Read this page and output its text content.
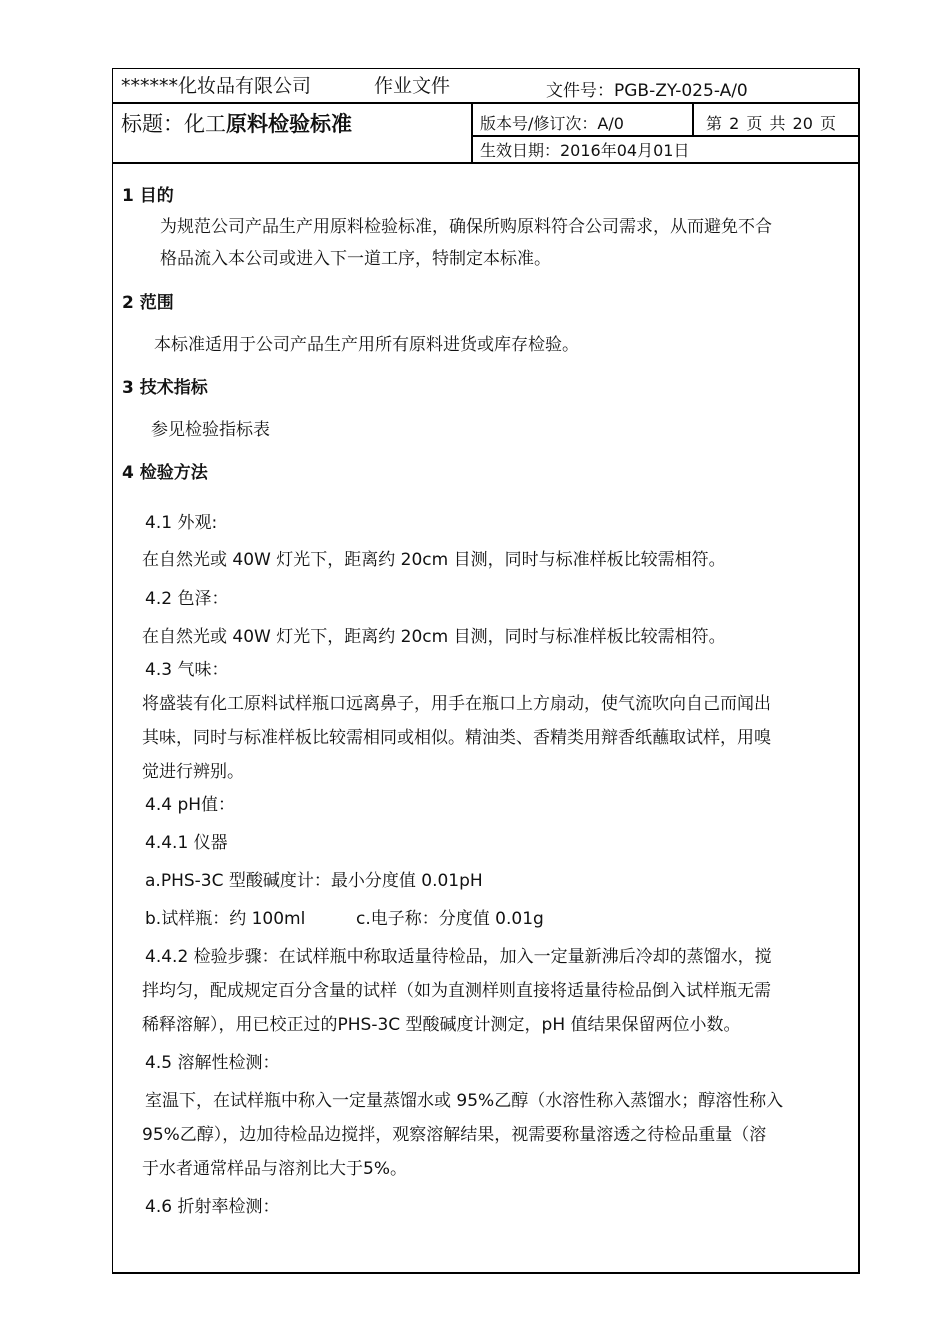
******化妆品有限公司	作业文件	文件号：PGB-ZY-025-A/0
标题：化工原料检验标准	版本号/修订次：A/0	第 2 页 共 20 页
生效日期：2016年04月01日
1 目的
为规范公司产品生产用原料检验标准，确保所购原料符合公司需求，从而避免不合
格品流入本公司或进入下一道工序，特制定本标准。
2 范围
本标准适用于公司产品生产用所有原料进货或库存检验。
3 技术指标
参见检验指标表
4 检验方法
4.1 外观:
在自然光或 40W 灯光下，距离约 20cm 目测，同时与标准样板比较需相符。
4.2 色泽：
在自然光或 40W 灯光下，距离约 20cm 目测，同时与标准样板比较需相符。
4.3 气味：
将盛装有化工原料试样瓶口远离鼻子，用手在瓶口上方扇动，使气流吹向自己而闻出
其味，同时与标准样板比较需相同或相似。精油类、香精类用辩香纸蘸取试样，用嗅
觉进行辨别。
4.4 pH值：
4.4.1 仪器
a.PHS-3C 型酸碱度计：最小分度值 0.01pH
b.试样瓶：约 100ml	c.电子称：分度值 0.01g
4.4.2 检验步骤：在试样瓶中称取适量待检品，加入一定量新沸后冷却的蒸馏水，搅
拌均匀，配成规定百分含量的试样（如为直测样则直接将适量待检品倒入试样瓶无需
稀释溶解），用已校正过的PHS-3C 型酸碱度计测定，pH 值结果保留两位小数。
4.5 溶解性检测：
室温下，在试样瓶中称入一定量蒸馏水或 95%乙醇（水溶性称入蒸馏水；醇溶性称入
95%乙醇），边加待检品边搅拌，观察溶解结果，视需要称量溶透之待检品重量（溶
于水者通常样品与溶剂比大于5%。
4.6 折射率检测：
